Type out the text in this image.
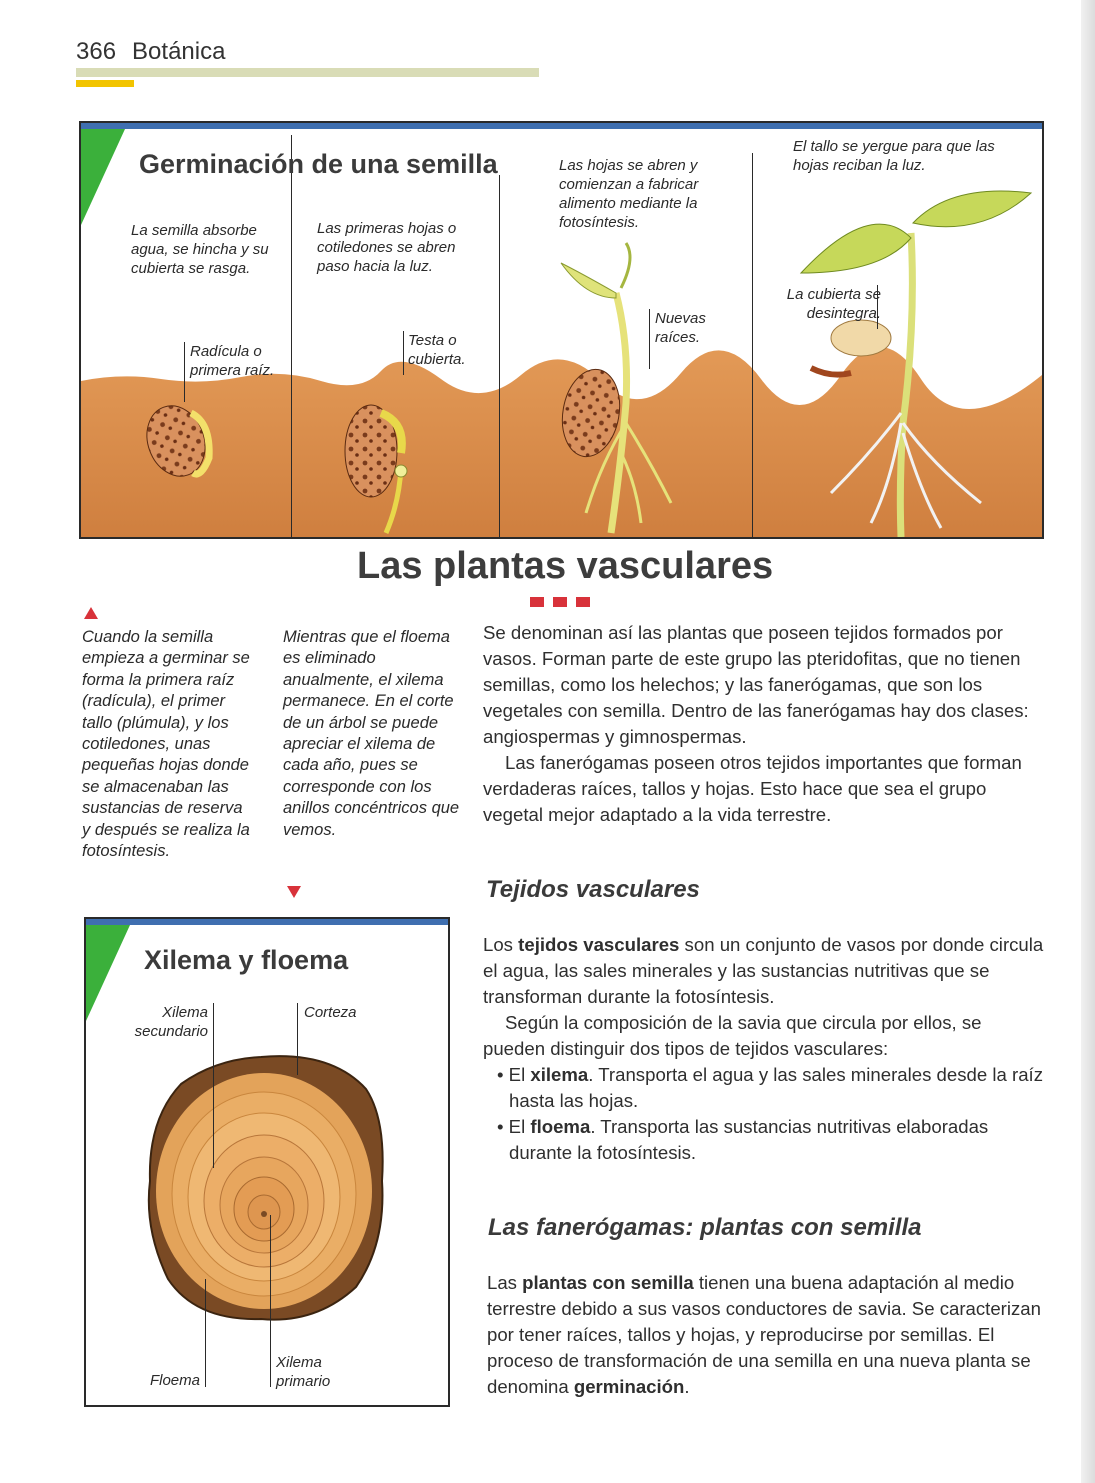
366 Botánica
Germinación de una semilla
La semilla absorbe agua, se hincha y su cubierta se rasga.
Radícula o primera raíz.
Las primeras hojas o cotiledones se abren paso hacia la luz.
Testa o cubierta.
Las hojas se abren y comienzan a fabricar alimento mediante la fotosíntesis.
Nuevas raíces.
El tallo se yergue para que las hojas reciban la luz.
La cubierta se desintegra.
Las plantas vasculares
Cuando la semilla empieza a germinar se forma la primera raíz (radícula), el primer tallo (plúmula), y los cotiledones, unas pequeñas hojas donde se almacenaban las sustancias de reserva y después se realiza la fotosíntesis.
Mientras que el floema es eliminado anualmente, el xilema permanece. En el corte de un árbol se puede apreciar el xilema de cada año, pues se corresponde con los anillos concéntricos que vemos.

Se denominan así las plantas que poseen tejidos formados por vasos. Forman parte de este grupo las pteridofitas, que no tienen semillas, como los helechos; y las fanerógamas, que son los vegetales con semilla. Dentro de las fanerógamas hay dos clases: angiospermas y gimnospermas.

Las fanerógamas poseen otros tejidos importantes que forman verdaderas raíces, tallos y hojas. Esto hace que sea el grupo vegetal mejor adaptado a la vida terrestre.

Tejidos vasculares

Los tejidos vasculares son un conjunto de vasos por donde circula el agua, las sales minerales y las sustancias nutritivas que se transforman durante la fotosíntesis.

Según la composición de la savia que circula por ellos, se pueden distinguir dos tipos de tejidos vasculares:

• El xilema. Transporta el agua y las sales minerales desde la raíz hasta las hojas.

• El floema. Transporta las sustancias nutritivas elaboradas durante la fotosíntesis.

Las fanerógamas: plantas con semilla

Las plantas con semilla tienen una buena adaptación al medio terrestre debido a sus vasos conductores de savia. Se caracterizan por tener raíces, tallos y hojas, y reproducirse por semillas. El proceso de transformación de una semilla en una nueva planta se denomina germinación.

Xilema y floema
Xilema secundario
Corteza
Floema
Xilema primario
